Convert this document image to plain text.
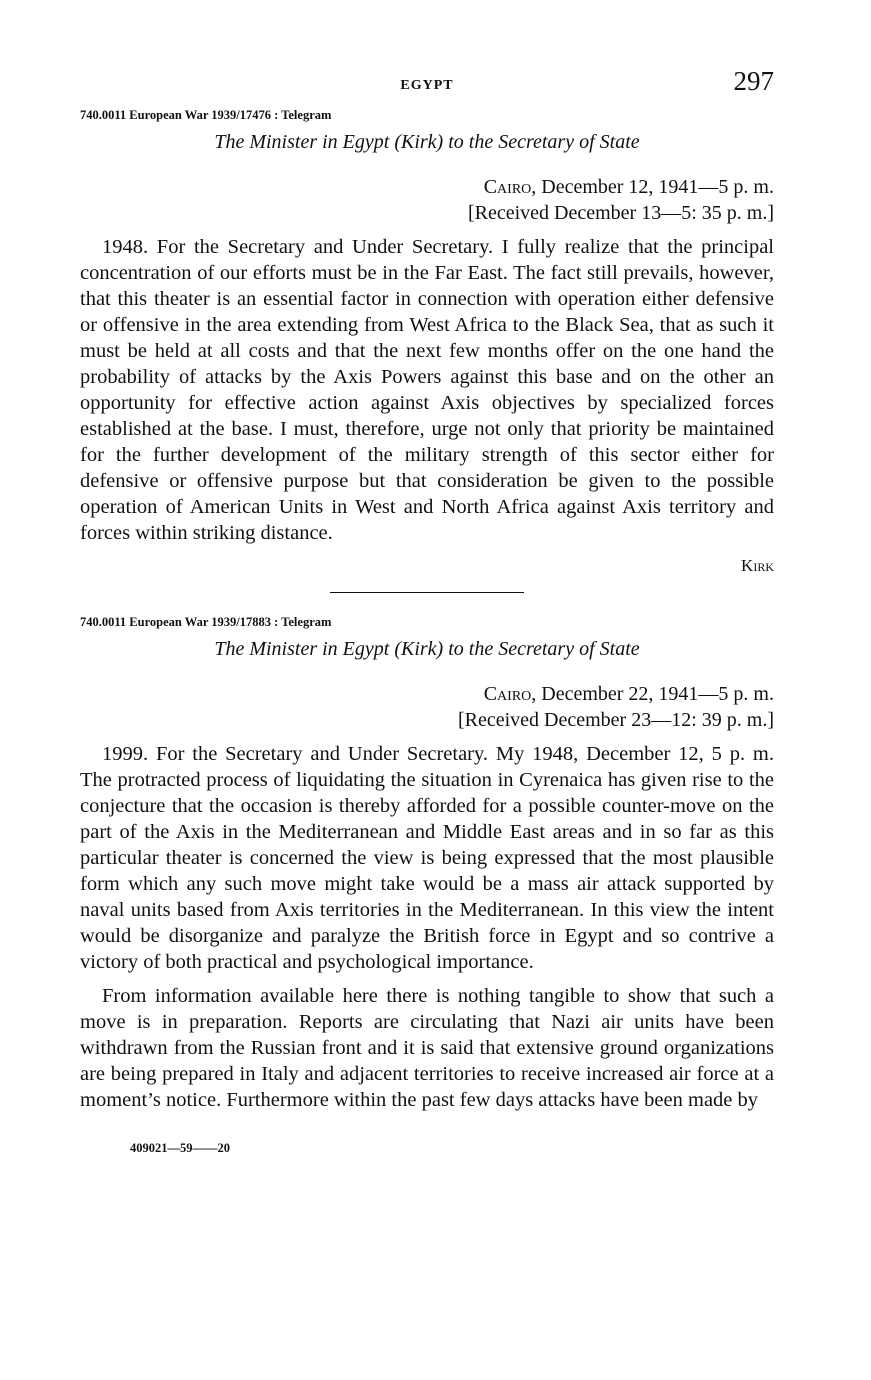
EGYPT	297

740.0011 European War 1939/17476 : Telegram

The Minister in Egypt (Kirk) to the Secretary of State

Cairo, December 12, 1941—5 p. m.

[Received December 13—5: 35 p. m.]

1948. For the Secretary and Under Secretary. I fully realize that the principal concentration of our efforts must be in the Far East. The fact still prevails, however, that this theater is an essential factor in connection with operation either defensive or offensive in the area extending from West Africa to the Black Sea, that as such it must be held at all costs and that the next few months offer on the one hand the probability of attacks by the Axis Powers against this base and on the other an opportunity for effective action against Axis objectives by specialized forces established at the base. I must, therefore, urge not only that priority be maintained for the further development of the military strength of this sector either for defensive or offensive purpose but that consideration be given to the possible operation of American Units in West and North Africa against Axis territory and forces within striking distance.

Kirk

740.0011 European War 1939/17883 : Telegram

The Minister in Egypt (Kirk) to the Secretary of State

Cairo, December 22, 1941—5 p. m.

[Received December 23—12: 39 p. m.]

1999. For the Secretary and Under Secretary. My 1948, December 12, 5 p. m. The protracted process of liquidating the situation in Cyrenaica has given rise to the conjecture that the occasion is thereby afforded for a possible counter-move on the part of the Axis in the Mediterranean and Middle East areas and in so far as this particular theater is concerned the view is being expressed that the most plausible form which any such move might take would be a mass air attack supported by naval units based from Axis territories in the Mediterranean. In this view the intent would be disorganize and paralyze the British force in Egypt and so contrive a victory of both practical and psychological importance.

From information available here there is nothing tangible to show that such a move is in preparation. Reports are circulating that Nazi air units have been withdrawn from the Russian front and it is said that extensive ground organizations are being prepared in Italy and adjacent territories to receive increased air force at a moment’s notice. Furthermore within the past few days attacks have been made by

409021—59——20
